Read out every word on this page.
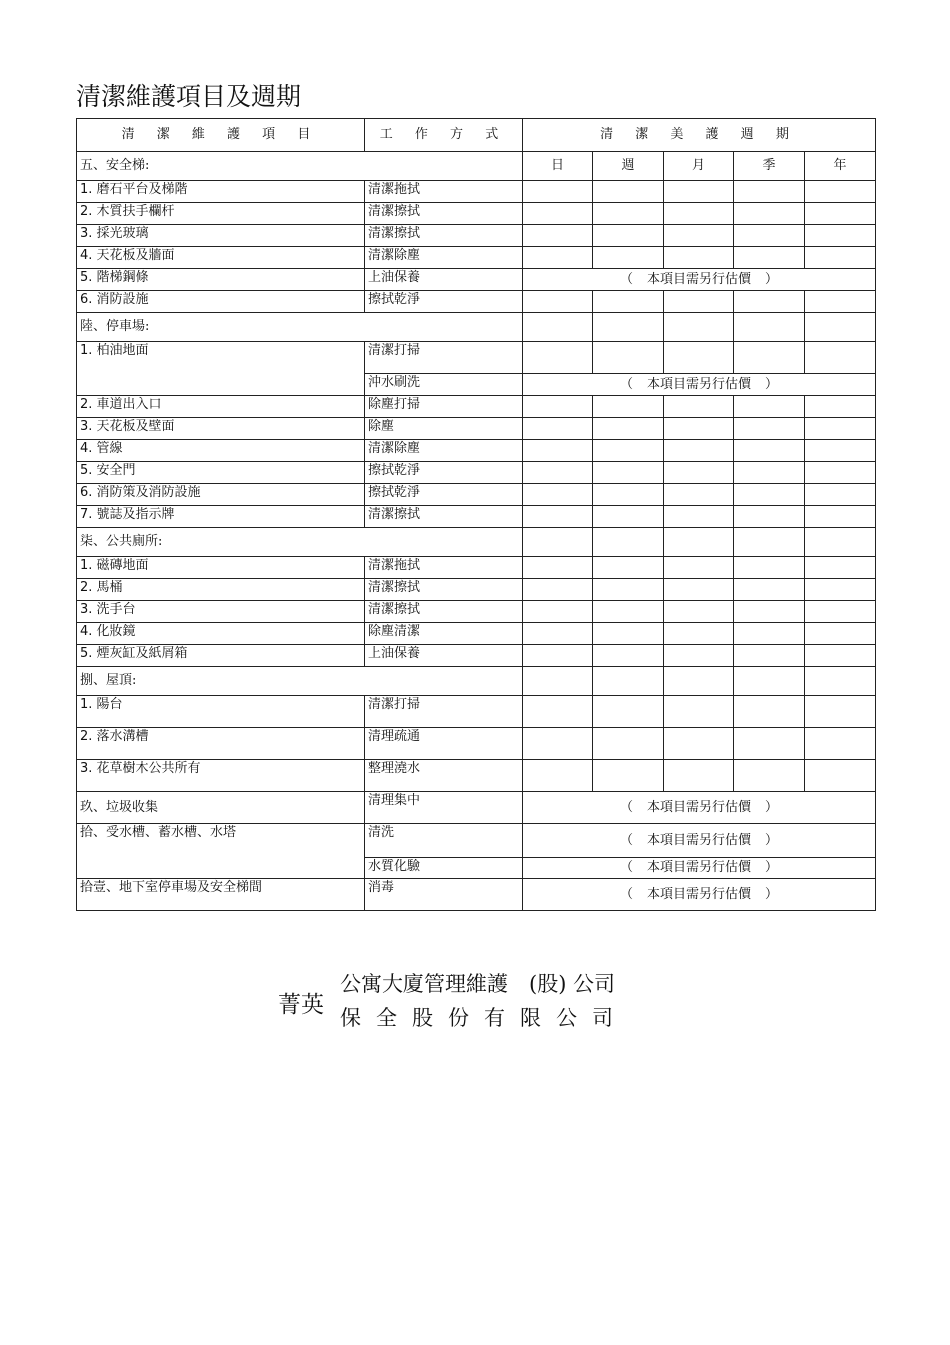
清潔維護項目及週期
清 潔 維 護 項 目	工 作 方 式	清 潔 美 護 週 期				
五、安全梯:		日	週	月	季	年
1. 磨石平台及梯階	清潔拖拭					
2. 木質扶手欄杆	清潔擦拭					
3. 採光玻璃	清潔擦拭					
4. 天花板及牆面	清潔除塵					
5. 階梯鋼條	上油保養	（ 本項目需另行估價 ）				
6. 消防設施	擦拭乾淨					
陸、停車場:						
1. 柏油地面	清潔打掃					
	沖水刷洗	（ 本項目需另行估價 ）				
2. 車道出入口	除塵打掃					
3. 天花板及壁面	除塵					
4. 管線	清潔除塵					
5. 安全門	擦拭乾淨					
6. 消防策及消防設施	擦拭乾淨					
7. 號誌及指示牌	清潔擦拭					
柒、公共廁所:						
1. 磁磚地面	清潔拖拭					
2. 馬桶	清潔擦拭					
3. 洗手台	清潔擦拭					
4. 化妝鏡	除塵清潔					
5. 煙灰缸及紙屑箱	上油保養					
捌、屋頂:						
1. 陽台	清潔打掃					
2. 落水溝槽	清理疏通					
3. 花草樹木公共所有	整理澆水					
玖、垃圾收集	清理集中	（ 本項目需另行估價 ）				
拾、受水槽、蓄水槽、水塔	清洗	（ 本項目需另行估價 ）				
	水質化驗	（ 本項目需另行估價 ）				
拾壹、地下室停車場及安全梯間	消毒	（ 本項目需另行估價 ）				
菁英
公寓大廈管理維護　(股) 公司
保全股份有限公司
